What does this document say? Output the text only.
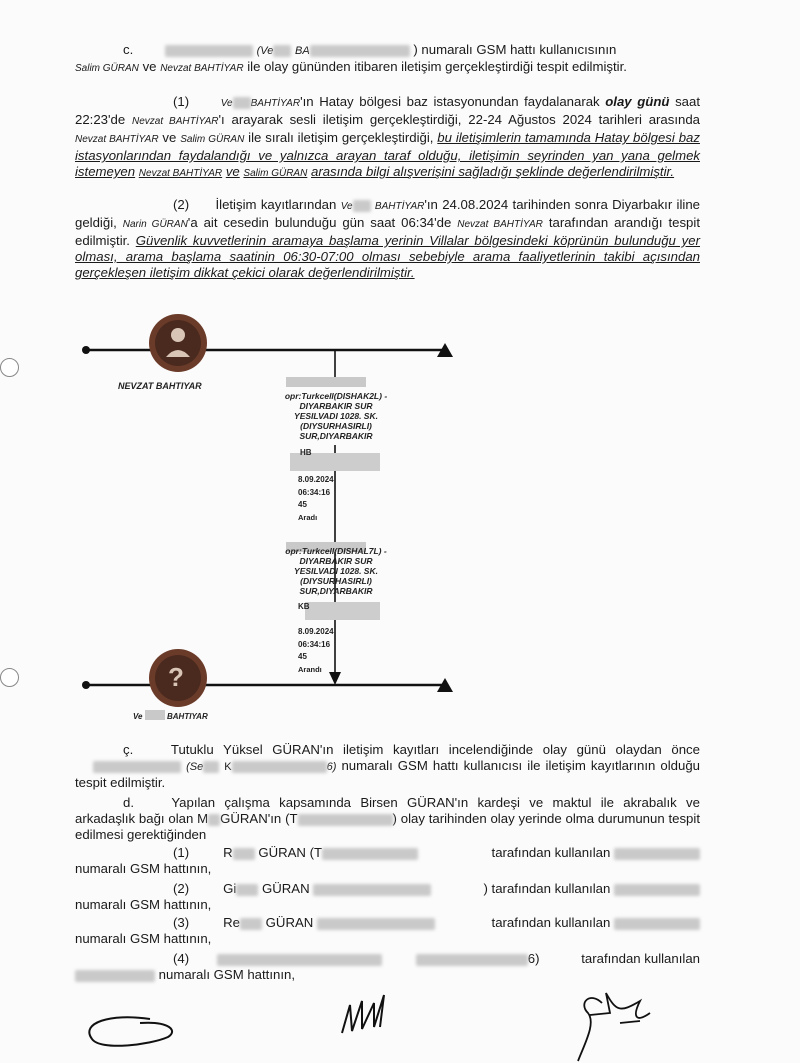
c.	(Ve BA	) numaralı GSM hattı kullanıcısının
Salim GÜRAN ve Nevzat BAHTİYAR ile olay gününden itibaren iletişim gerçekleştirdiği tespit edilmiştir.

(1)	Ve BAHTİYAR'ın Hatay bölgesi baz istasyonundan faydalanarak olay günü saat 22:23'de Nevzat BAHTİYAR'ı arayarak sesli iletişim gerçekleştirdiği, 22-24 Ağustos 2024 tarihleri arasında Nevzat BAHTİYAR ve Salim GÜRAN ile sıralı iletişim gerçekleştirdiği, bu iletişimlerin tamamında Hatay bölgesi baz istasyonlarından faydalandığı ve yalnızca arayan taraf olduğu, iletişimin seyrinden yan yana gelmek istemeyen Nevzat BAHTİYAR ve Salim GÜRAN arasında bilgi alışverişini sağladığı şeklinde değerlendirilmiştir.

(2) İletişim kayıtlarından Ve BAHTİYAR'ın 24.08.2024 tarihinden sonra Diyarbakır iline geldiği, Narin GÜRAN'a ait cesedin bulunduğu gün saat 06:34'de Nevzat BAHTİYAR tarafından arandığı tespit edilmiştir. Güvenlik kuvvetlerinin aramaya başlama yerinin Villalar bölgesindeki köprünün bulunduğu yer olması, arama başlama saatinin 06:30-07:00 olması sebebiyle arama faaliyetlerinin takibi açısından gerçekleşen iletişim dikkat çekici olarak değerlendirilmiştir.

NEVZAT BAHTIYAR
?
Ve	BAHTIYAR
opr:Turkcell(DISHAK2L) -
DIYARBAKIR SUR
YESILVADI 1028. SK.
(DIYSURHASIRLI)
SUR,DIYARBAKIR
HB
8.09.2024
06:34:16
45
Aradı
opr:Turkcell(DISHAL7L) -
DIYARBAKIR SUR
YESILVADI 1028. SK.
(DIYSURHASIRLI)
SUR,DIYARBAKIR
KB
8.09.2024
06:34:16
45
Arandı

ç.	Tutuklu Yüksel GÜRAN'ın iletişim kayıtları incelendiğinde olay günü olaydan önce  (Se K	6) numaralı GSM hattı kullanıcısı ile iletişim kayıtlarının olduğu tespit edilmiştir.

d.	Yapılan çalışma kapsamında Birsen GÜRAN'ın kardeşi ve maktul ile akrabalık ve arkadaşlık bağı olan M GÜRAN'ın (T	) olay tarihinden olay yerinde olma durumunun tespit edilmesi gerektiğinden

(1)	R GÜRAN (T	tarafından kullanılan
numaralı GSM hattının,
(2)	Gi GÜRAN	) tarafından kullanılan
numaralı GSM hattının,
(3)	Re GÜRAN	tarafından kullanılan
numaralı GSM hattının,
(4)	6)	tarafından kullanılan
numaralı GSM hattının,
